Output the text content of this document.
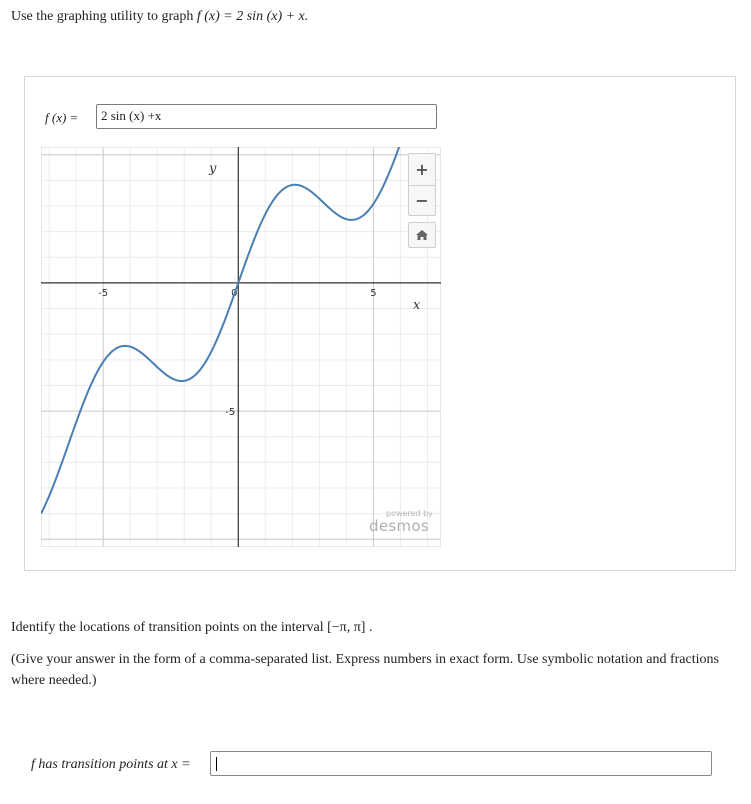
Use the graphing utility to graph f (x) = 2 sin (x) + x.
f (x) =	2 sin (x) +x
-5	0	5
-5
x
y	+
−
powered by
desmos
Identify the locations of transition points on the interval [−π, π] .
(Give your answer in the form of a comma-separated list. Express numbers in exact form. Use symbolic notation and fractions where needed.)
f has transition points at x =
